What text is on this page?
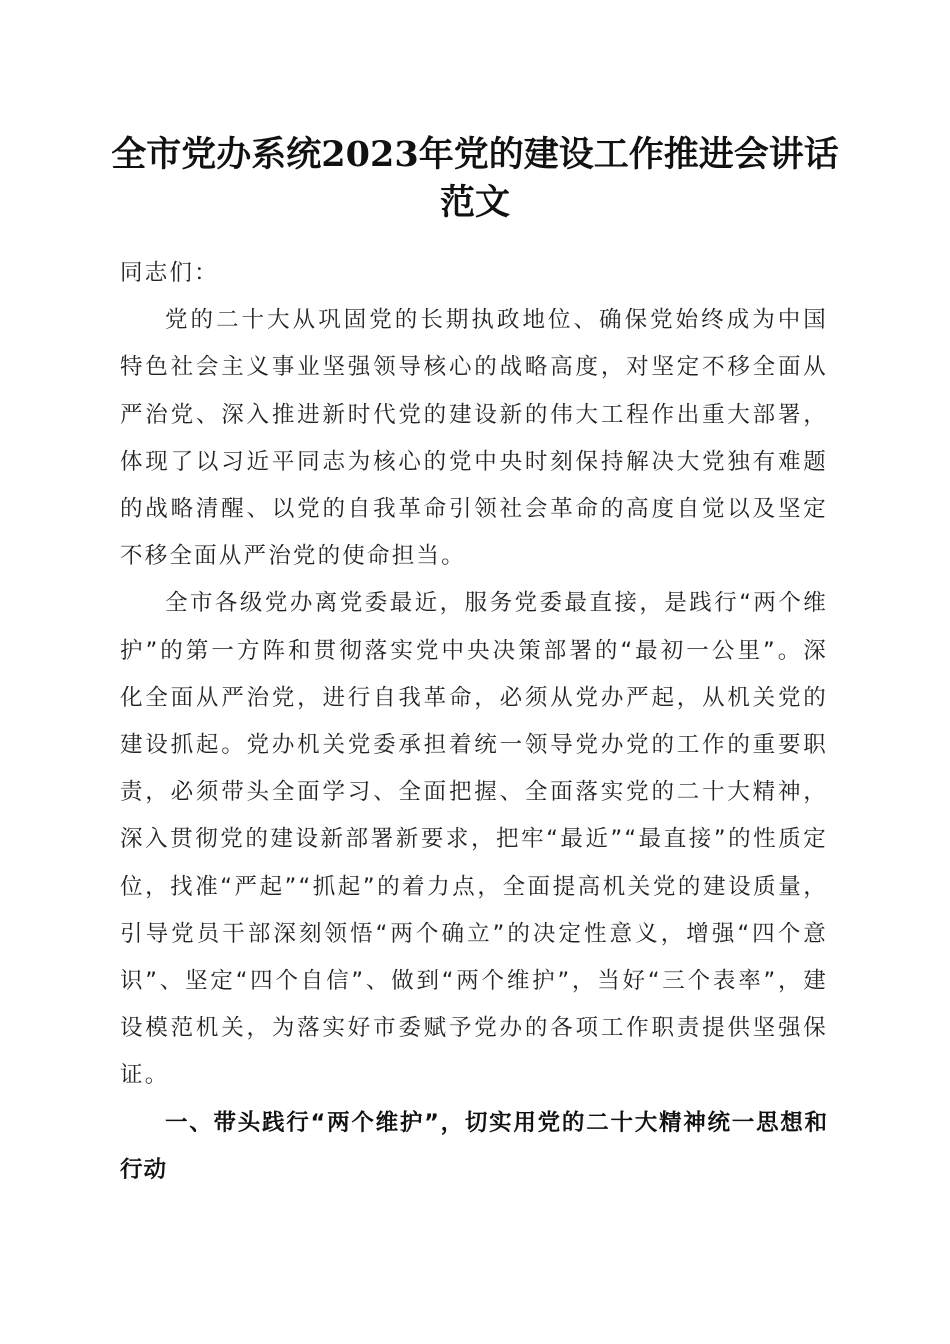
全市党办系统2023年党的建设工作推进会讲话范文

同志们：

党的二十大从巩固党的长期执政地位、确保党始终成为中国特色社会主义事业坚强领导核心的战略高度，对坚定不移全面从严治党、深入推进新时代党的建设新的伟大工程作出重大部署，体现了以习近平同志为核心的党中央时刻保持解决大党独有难题的战略清醒、以党的自我革命引领社会革命的高度自觉以及坚定不移全面从严治党的使命担当。

全市各级党办离党委最近，服务党委最直接，是践行“两个维护”的第一方阵和贯彻落实党中央决策部署的“最初一公里”。深化全面从严治党，进行自我革命，必须从党办严起，从机关党的建设抓起。党办机关党委承担着统一领导党办党的工作的重要职责，必须带头全面学习、全面把握、全面落实党的二十大精神，深入贯彻党的建设新部署新要求，把牢“最近”“最直接”的性质定位，找准“严起”“抓起”的着力点，全面提高机关党的建设质量，引导党员干部深刻领悟“两个确立”的决定性意义，增强“四个意识”、坚定“四个自信”、做到“两个维护”，当好“三个表率”，建设模范机关，为落实好市委赋予党办的各项工作职责提供坚强保证。

一、带头践行“两个维护”，切实用党的二十大精神统一思想和行动
